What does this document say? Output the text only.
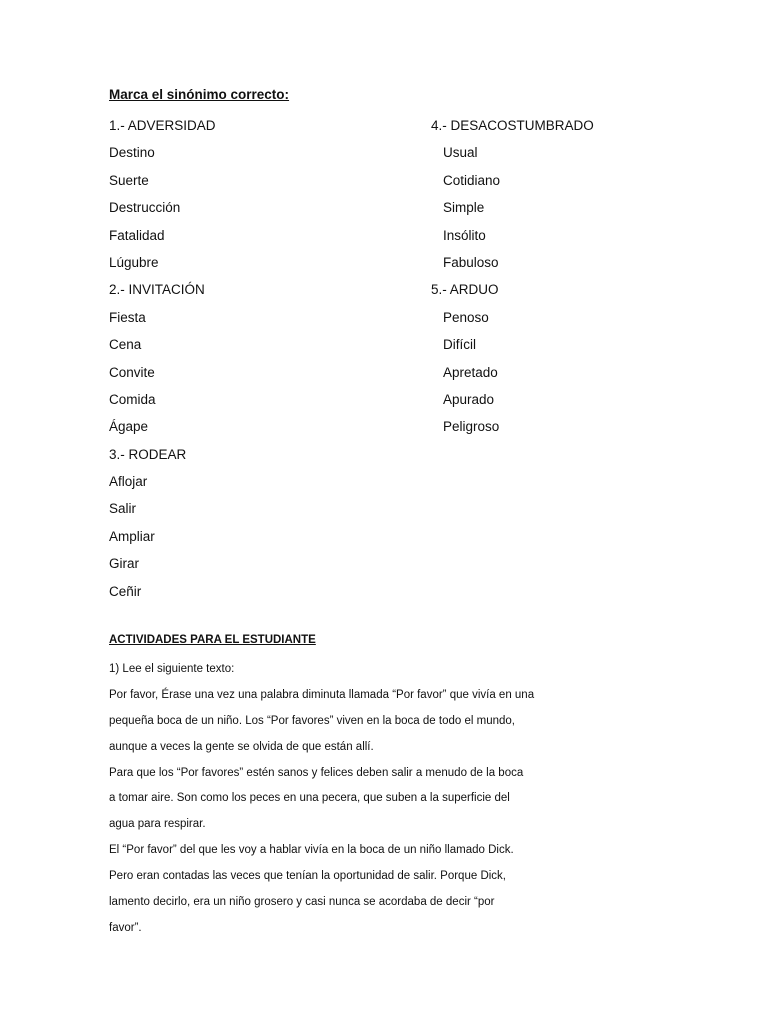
Marca el sinónimo correcto:
1.- ADVERSIDAD
Destino
Suerte
Destrucción
Fatalidad
Lúgubre
2.- INVITACIÓN
Fiesta
Cena
Convite
Comida
Ágape
3.- RODEAR
Aflojar
Salir
Ampliar
Girar
Ceñir
4.- DESACOSTUMBRADO
Usual
Cotidiano
Simple
Insólito
Fabuloso
5.- ARDUO
Penoso
Difícil
Apretado
Apurado
Peligroso
ACTIVIDADES PARA EL ESTUDIANTE
1) Lee el siguiente texto:
Por favor, Érase una vez una palabra diminuta llamada “Por favor” que vivía en una
pequeña boca de un niño. Los “Por favores” viven en la boca de todo el mundo,
aunque a veces la gente se olvida de que están allí.
Para que los “Por favores” estén sanos y felices deben salir a menudo de la boca
a tomar aire. Son como los peces en una pecera, que suben a la superficie del
agua para respirar.
El “Por favor” del que les voy a hablar vivía en la boca de un niño llamado Dick.
Pero eran contadas las veces que tenían la oportunidad de salir. Porque Dick,
lamento decirlo, era un niño grosero y casi nunca se acordaba de decir “por
favor”.
